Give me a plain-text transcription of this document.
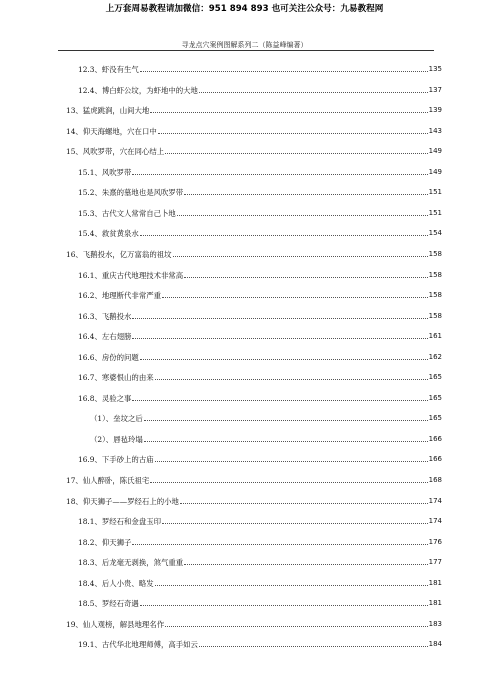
上万套周易教程请加微信：951 894 893 也可关注公众号：九易教程网
寻龙点穴案例图解系列二（陈益峰编著）
12.3、 虾没有生气	135
12.4、 博白虾公坟，为虾地中的大地	137
13、 猛虎跳涧，山间大地	139
14、 仰天海螺地，穴在口中	143
15、 风吹罗带，穴在同心结上	149
15.1、 风吹罗带	149
15.2、 朱熹的墓地也是风吹罗带	151
15.3、 古代文人常常自己卜地	151
15.4、 救贫黄泉水	154
16、 飞鹅投水，亿万富翁的祖坟	158
16.1、 重庆古代地理技术非常高	158
16.2、 地理断代非常严重	158
16.3、 飞鹅投水	158
16.4、 左右翅膀	161
16.6、 房份的问题	162
16.7、 寒婆恨山的由来	165
16.8、 灵验之事	165
（1）、 垒坟之后	165
（2）、 唇毡玲塌	166
16.9、 下手砂上的古庙	166
17、 仙人醉卧，陈氏祖宅	168
18、 仰天狮子——罗经石上的小地	174
18.1、 罗经石和金盘玉印	174
18.2、 仰天狮子	176
18.3、 后龙毫无剥换，煞气重重	177
18.4、 后人小贵、略发	181
18.5、 罗经石奇遇	181
19、 仙人观榜，解县地理名作	183
19.1、 古代华北地理师傅，高手如云	184
